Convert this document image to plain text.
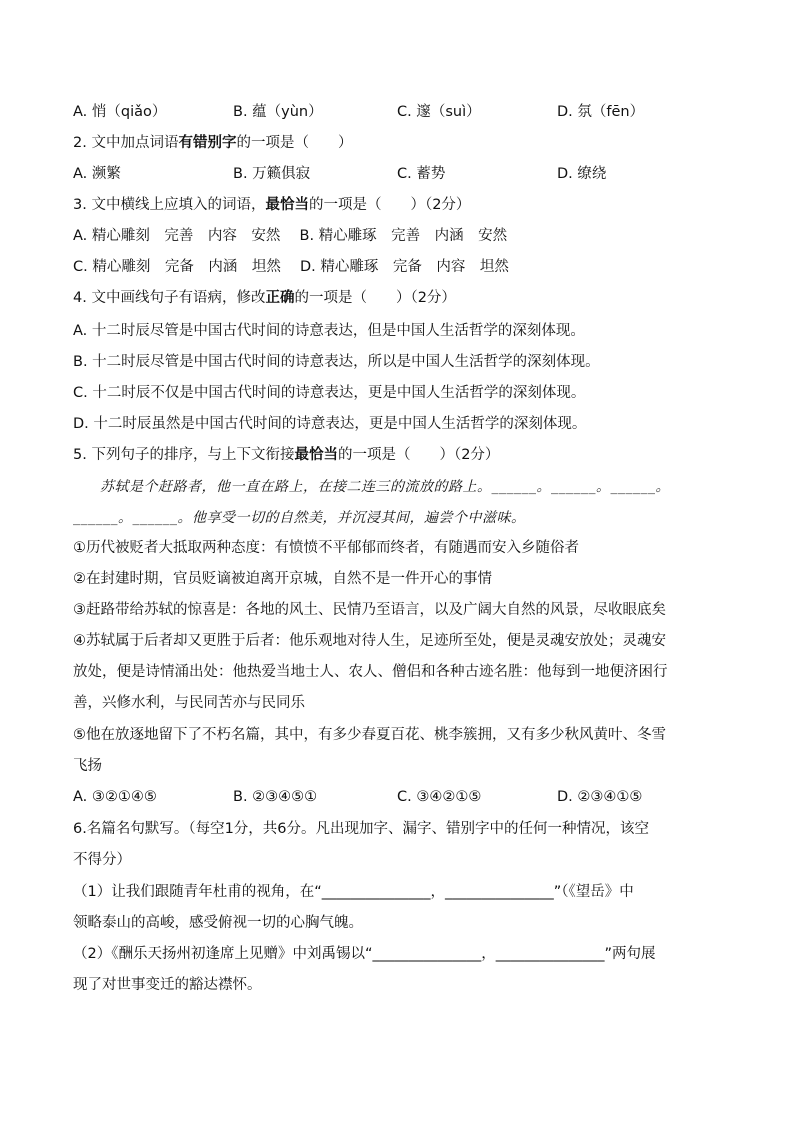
A. 悄（qiǎo）	B. 蕴（yùn）	C. 邃（suì）	D. 氛（fēn）
2. 文中加点词语有错别字的一项是（　　）
A. 濒繁	B. 万籁俱寂	C. 蓄势	D. 缭绕
3. 文中横线上应填入的词语，最恰当的一项是（　　）（2分）
A. 精心雕刻　完善　内容　安然　 B. 精心雕琢　完善　内涵　安然
C. 精心雕刻　完备　内涵　坦然　 D. 精心雕琢　完备　内容　坦然
4. 文中画线句子有语病，修改正确的一项是（　　）（2分）
A. 十二时辰尽管是中国古代时间的诗意表达，但是中国人生活哲学的深刻体现。
B. 十二时辰尽管是中国古代时间的诗意表达，所以是中国人生活哲学的深刻体现。
C. 十二时辰不仅是中国古代时间的诗意表达，更是中国人生活哲学的深刻体现。
D. 十二时辰虽然是中国古代时间的诗意表达，更是中国人生活哲学的深刻体现。
5. 下列句子的排序，与上下文衔接最恰当的一项是（　　）（2分）
苏轼是个赶路者，他一直在路上，在接二连三的流放的路上。______。______。______。
______。______。他享受一切的自然美，并沉浸其间，遍尝个中滋味。
①历代被贬者大抵取两种态度：有愤愤不平郁郁而终者，有随遇而安入乡随俗者
②在封建时期，官员贬谪被迫离开京城，自然不是一件开心的事情
③赶路带给苏轼的惊喜是：各地的风土、民情乃至语言，以及广阔大自然的风景，尽收眼底矣
④苏轼属于后者却又更胜于后者：他乐观地对待人生，足迹所至处，便是灵魂安放处；灵魂安
放处，便是诗情涌出处：他热爱当地士人、农人、僧侣和各种古迹名胜：他每到一地便济困行
善，兴修水利，与民同苦亦与民同乐
⑤他在放逐地留下了不朽名篇，其中，有多少春夏百花、桃李簇拥，又有多少秋风黄叶、冬雪
飞扬
A. ③②①④⑤	B. ②③④⑤①	C. ③④②①⑤	D. ②③④①⑤
6.名篇名句默写。（每空1分，共6分。凡出现加字、漏字、错别字中的任何一种情况，该空
不得分）
（1）让我们跟随青年杜甫的视角，在“_______________，_______________”（《望岳》中
领略泰山的高峻，感受俯视一切的心胸气魄。
（2）《酬乐天扬州初逢席上见赠》中刘禹锡以“_______________，_______________”两句展
现了对世事变迁的豁达襟怀。
